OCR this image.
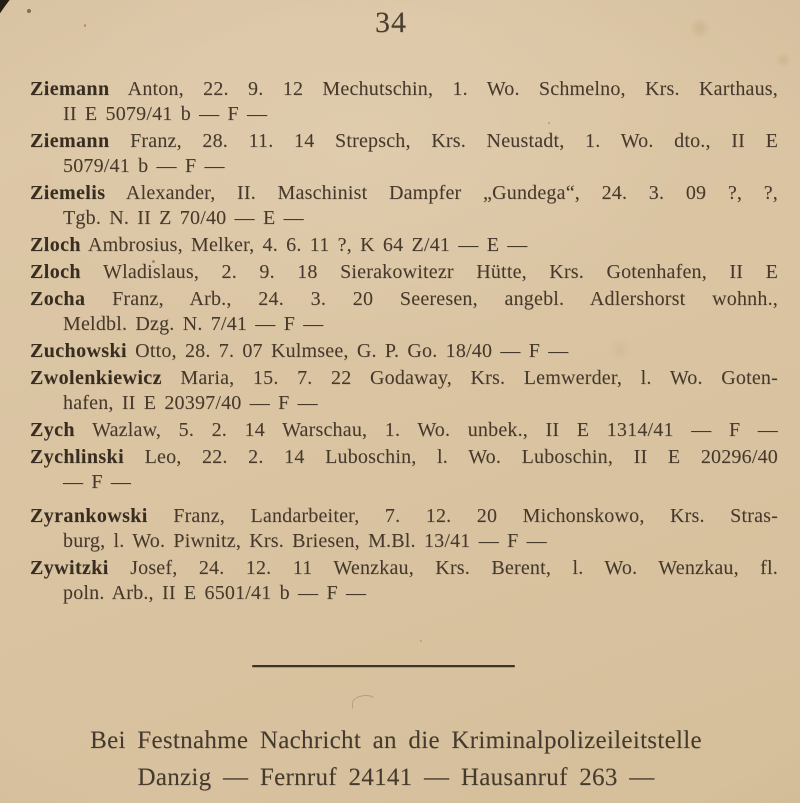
34
Ziemann Anton, 22. 9. 12 Mechutschin, 1. Wo. Schmelno, Krs. Karthaus,
II E 5079/41 b — F —
Ziemann Franz, 28. 11. 14 Strepsch, Krs. Neustadt, 1. Wo. dto., II E
5079/41 b — F —
Ziemelis Alexander, II. Maschinist Dampfer „Gundega“, 24. 3. 09 ?, ?,
Tgb. N. II Z 70/40 — E —
Zloch Ambrosius, Melker, 4. 6. 11 ?, K 64 Z/41 — E —
Zloch Wladislaus, 2. 9. 18 Sierakowitezr Hütte, Krs. Gotenhafen, II E
Zocha Franz, Arb., 24. 3. 20 Seeresen, angebl. Adlershorst wohnh.,
Meldbl. Dzg. N. 7/41 — F —
Zuchowski Otto, 28. 7. 07 Kulmsee, G. P. Go. 18/40 — F —
Zwolenkiewicz Maria, 15. 7. 22 Godaway, Krs. Lemwerder, l. Wo. Goten-
hafen, II E 20397/40 — F —
Zych Wazlaw, 5. 2. 14 Warschau, 1. Wo. unbek., II E 1314/41 — F —
Zychlinski Leo, 22. 2. 14 Luboschin, l. Wo. Luboschin, II E 20296/40
— F —
Zyrankowski Franz, Landarbeiter, 7. 12. 20 Michonskowo, Krs. Stras-
burg, l. Wo. Piwnitz, Krs. Briesen, M.Bl. 13/41 — F —
Zywitzki Josef, 24. 12. 11 Wenzkau, Krs. Berent, l. Wo. Wenzkau, fl.
poln. Arb., II E 6501/41 b — F —
Bei Festnahme Nachricht an die Kriminalpolizeileitstelle
Danzig — Fernruf 24141 — Hausanruf 263 —
